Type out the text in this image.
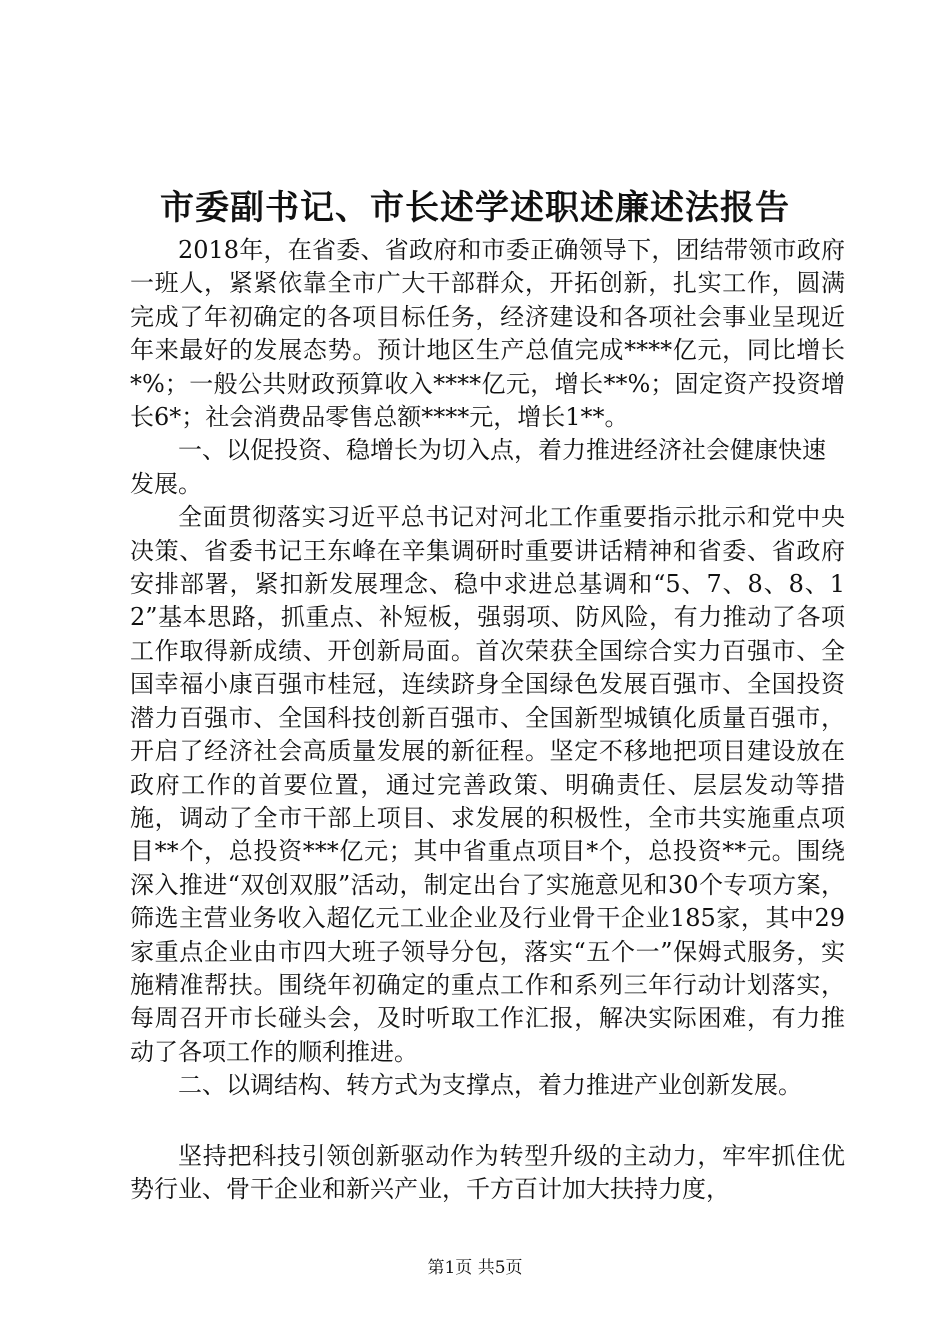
市委副书记、市长述学述职述廉述法报告

2018年，在省委、省政府和市委正确领导下，团结带领市政府一班人，紧紧依靠全市广大干部群众，开拓创新，扎实工作，圆满完成了年初确定的各项目标任务，经济建设和各项社会事业呈现近年来最好的发展态势。预计地区生产总值完成****亿元，同比增长*%；一般公共财政预算收入****亿元，增长**%；固定资产投资增长6*；社会消费品零售总额****元，增长1**。

一、以促投资、稳增长为切入点，着力推进经济社会健康快速发展。

全面贯彻落实习近平总书记对河北工作重要指示批示和党中央决策、省委书记王东峰在辛集调研时重要讲话精神和省委、省政府安排部署，紧扣新发展理念、稳中求进总基调和“5、7、8、8、12”基本思路，抓重点、补短板，强弱项、防风险，有力推动了各项工作取得新成绩、开创新局面。首次荣获全国综合实力百强市、全国幸福小康百强市桂冠，连续跻身全国绿色发展百强市、全国投资潜力百强市、全国科技创新百强市、全国新型城镇化质量百强市，开启了经济社会高质量发展的新征程。坚定不移地把项目建设放在政府工作的首要位置，通过完善政策、明确责任、层层发动等措施，调动了全市干部上项目、求发展的积极性，全市共实施重点项目**个，总投资***亿元；其中省重点项目*个，总投资**元。围绕深入推进“双创双服”活动，制定出台了实施意见和30个专项方案，筛选主营业务收入超亿元工业企业及行业骨干企业185家，其中29家重点企业由市四大班子领导分包，落实“五个一”保姆式服务，实施精准帮扶。围绕年初确定的重点工作和系列三年行动计划落实，每周召开市长碰头会，及时听取工作汇报，解决实际困难，有力推动了各项工作的顺利推进。

二、以调结构、转方式为支撑点，着力推进产业创新发展。

坚持把科技引领创新驱动作为转型升级的主动力，牢牢抓住优势行业、骨干企业和新兴产业，千方百计加大扶持力度，

第1页 共5页
